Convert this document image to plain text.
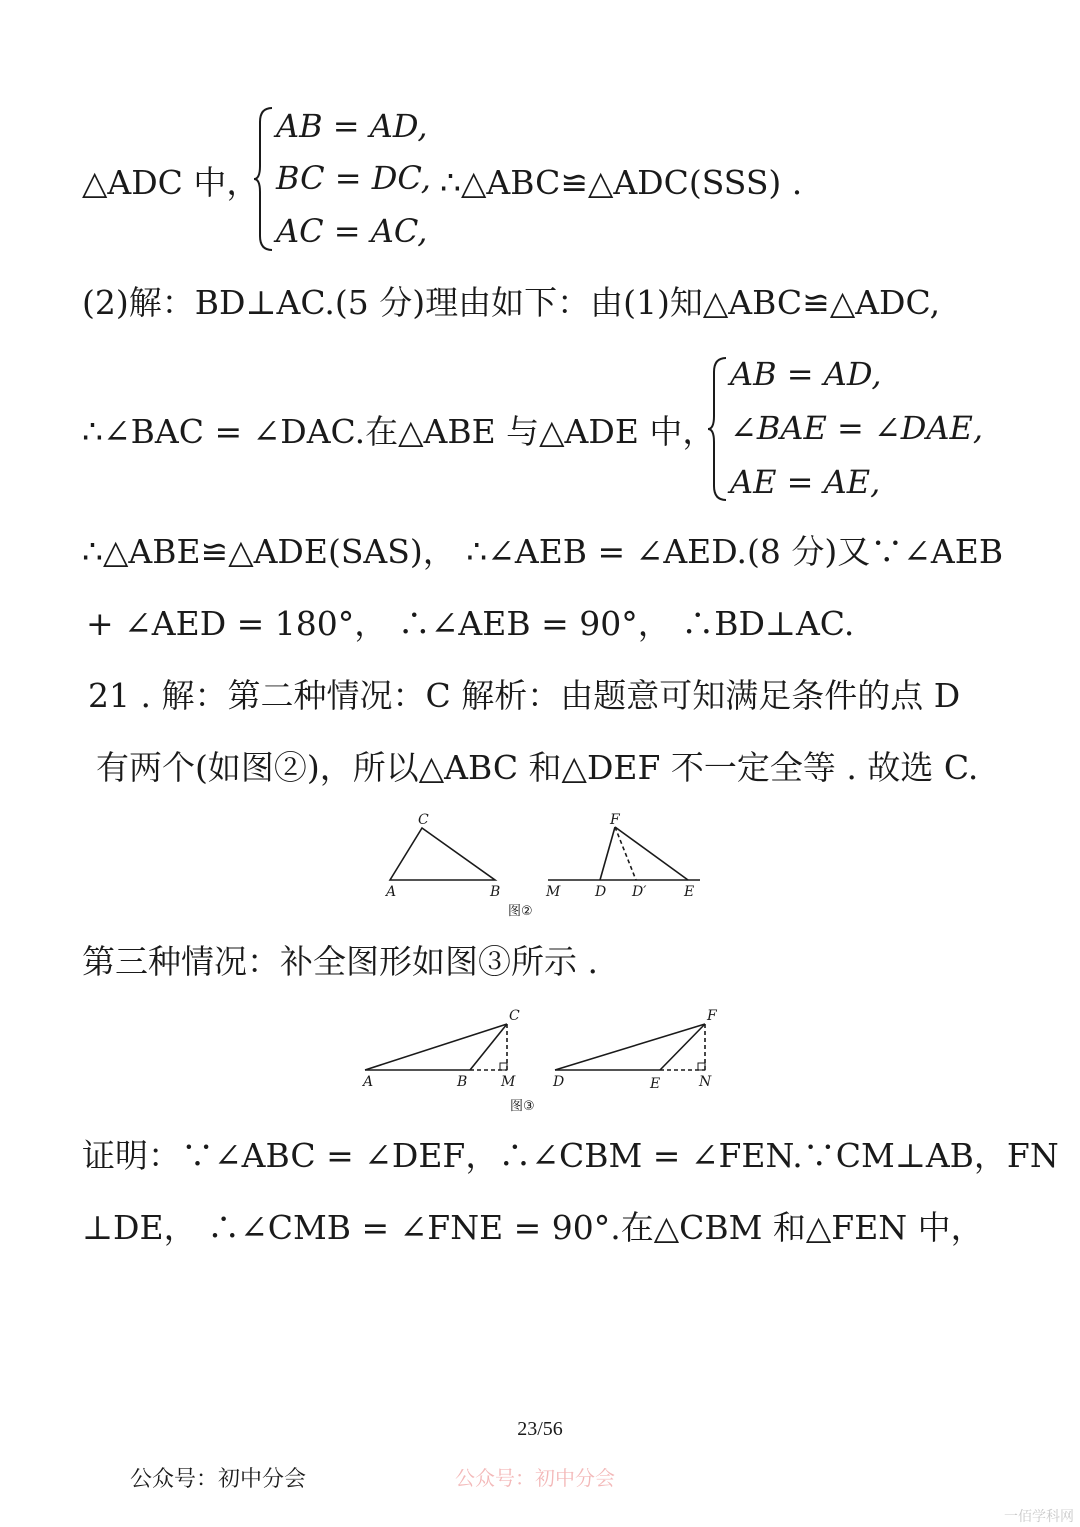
△ADC 中，
AB = AD,
BC = DC,
AC = AC,
∴△ABC≌△ADC(SSS) .
(2)解：BD⊥AC.(5 分)理由如下：由(1)知△ABC≌△ADC,
∴∠BAC = ∠DAC.在△ABE 与△ADE 中，
AB = AD,
∠BAE = ∠DAE,
AE = AE,
∴△ABE≌△ADE(SAS)， ∴∠AEB = ∠AED.(8 分)又∵∠AEB
+ ∠AED = 180°， ∴∠AEB = 90°， ∴BD⊥AC.
21 . 解：第二种情况：C 解析：由题意可知满足条件的点 D
有两个(如图②)，所以△ABC 和△DEF 不一定全等 . 故选 C.
C
A	B
F
M D D′	E
图②
第三种情况：补全图形如图③所示 .
A	B M
C
D	E	N
F
图③
证明：∵∠ABC = ∠DEF，∴∠CBM = ∠FEN.∵CM⊥AB，FN
⊥DE， ∴∠CMB = ∠FNE = 90°.在△CBM 和△FEN 中，
23/56
公众号：初中分会	公众号：初中分会
一佰学科网
